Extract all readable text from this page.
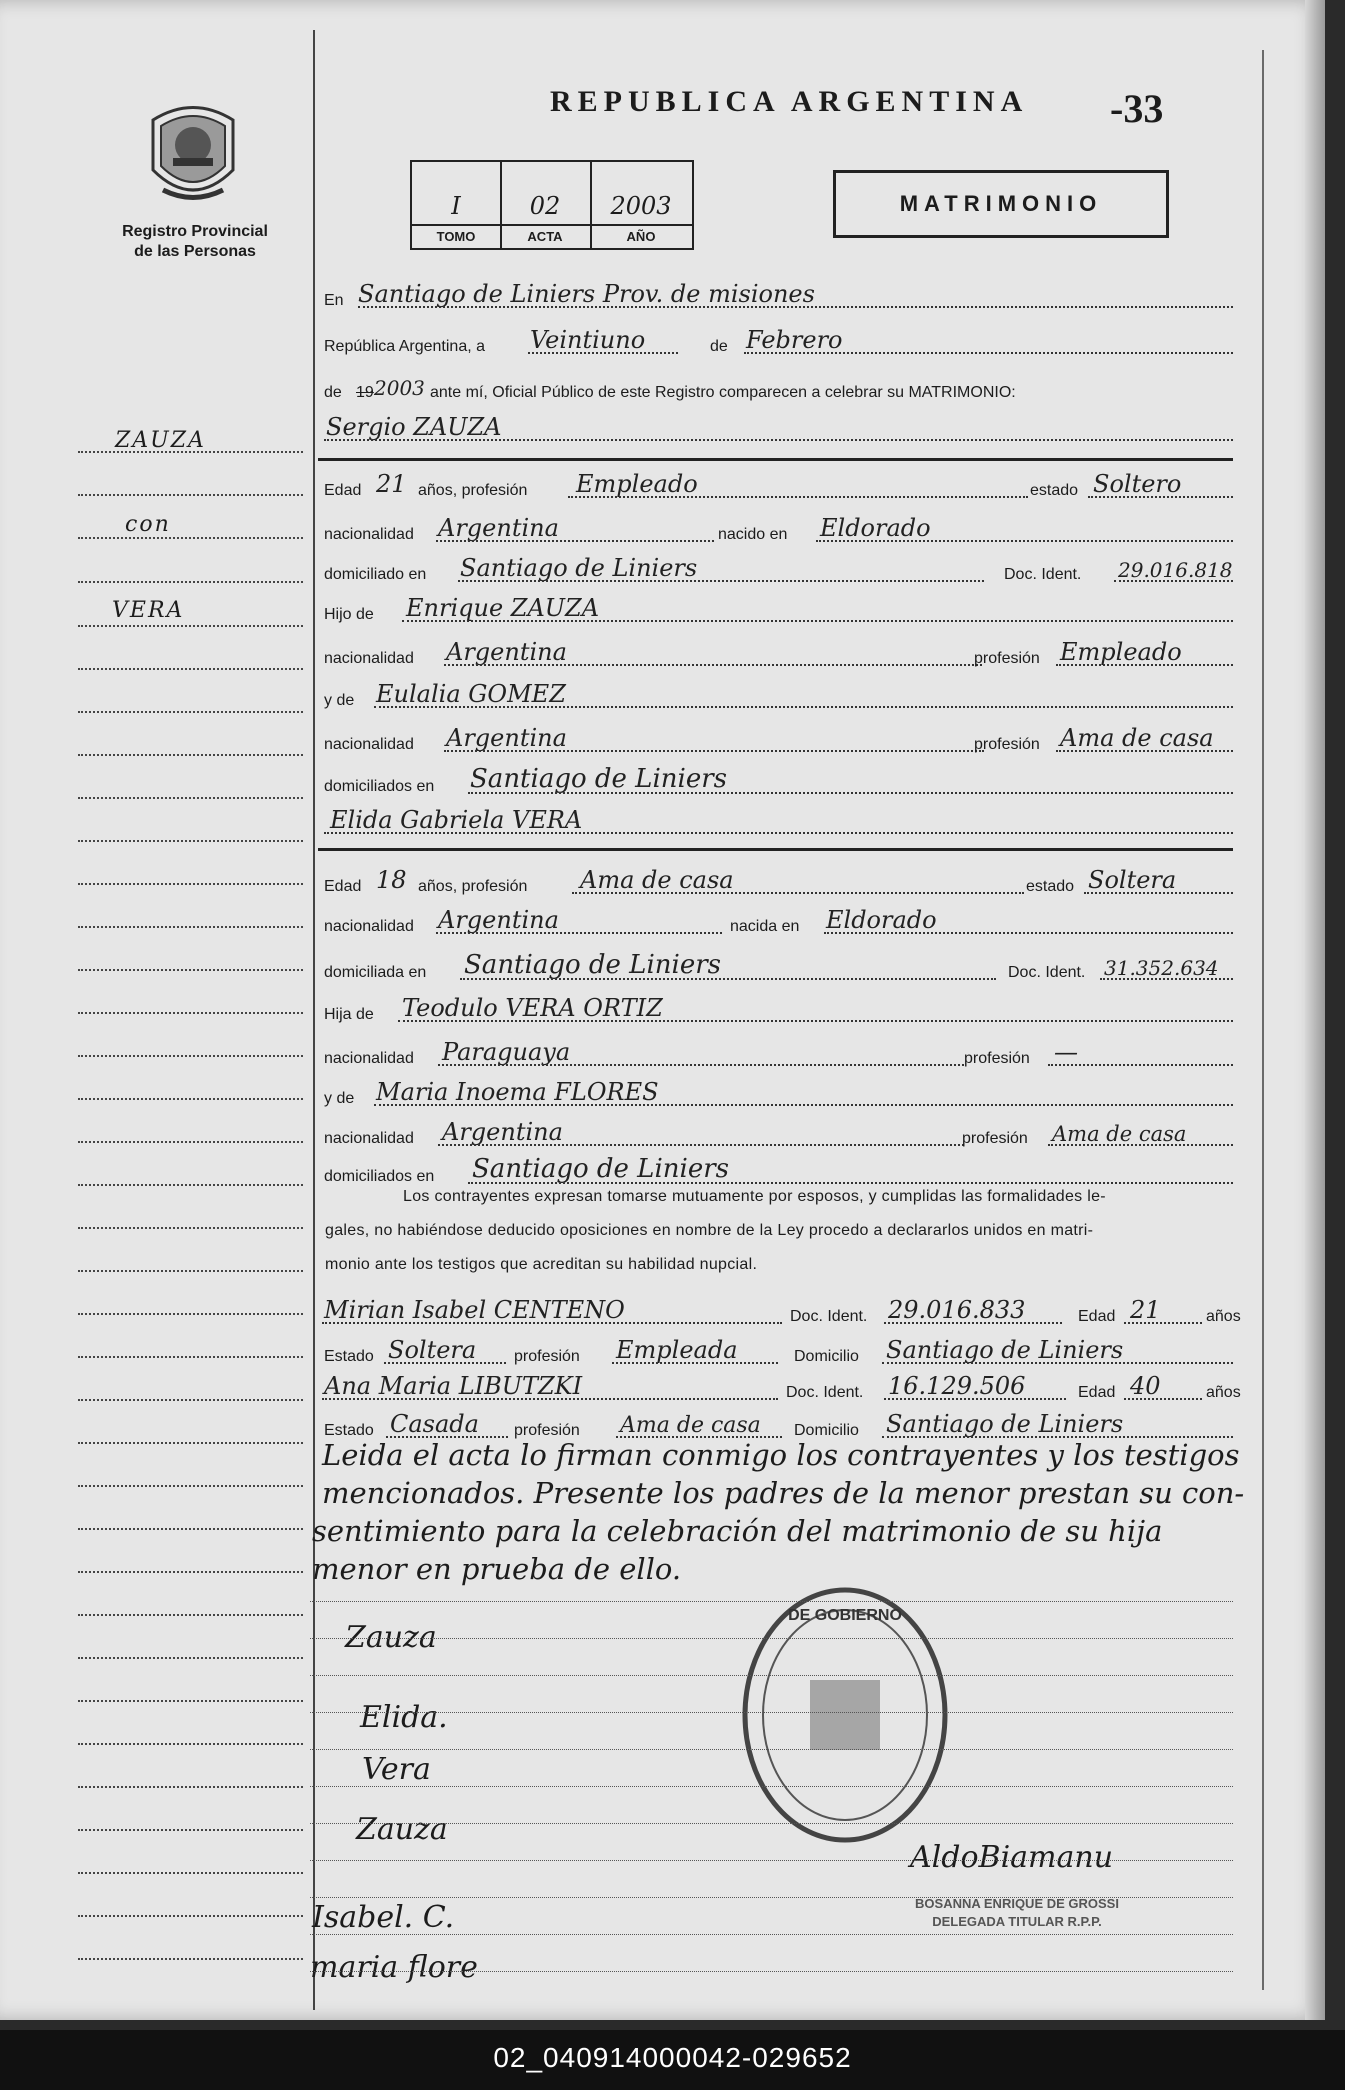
Registro Provincial
de las Personas
REPUBLICA ARGENTINA -33
I
TOMO
02
ACTA
2003
AÑO
MATRIMONIO
ZAUZA
con
VERA
En Santiago de Liniers Prov. de misiones
República Argentina, a Veintiuno	de Febrero
de 19 2003 ante mí, Oficial Público de este Registro comparecen a celebrar su MATRIMONIO:
Sergio ZAUZA
Edad 21 años, profesión Empleado	estado Soltero
nacionalidad Argentina	nacido en Eldorado
domiciliado en Santiago de Liniers	Doc. Ident. 29.016.818
Hijo de Enrique ZAUZA
nacionalidad Argentina	profesión Empleado
y de Eulalia GOMEZ
nacionalidad Argentina	profesión Ama de casa
domiciliados en Santiago de Liniers
Elida Gabriela VERA
Edad 18 años, profesión Ama de casa	estado Soltera
nacionalidad Argentina	nacida en Eldorado
domiciliada en Santiago de Liniers	Doc. Ident. 31.352.634
Hija de Teodulo VERA ORTIZ
nacionalidad Paraguaya	profesión —
y de Maria Inoema FLORES
nacionalidad Argentina	profesión Ama de casa
domiciliados en Santiago de Liniers
Los contrayentes expresan tomarse mutuamente por esposos, y cumplidas las formalidades le-
gales, no habiéndose deducido oposiciones en nombre de la Ley procedo a declararlos unidos en matri-
monio ante los testigos que acreditan su habilidad nupcial.
Mirian Isabel CENTENO	Doc. Ident. 29.016.833	Edad 21	años
Estado Soltera profesión Empleada	Domicilio Santiago de Liniers
Ana Maria LIBUTZKI	Doc. Ident. 16.129.506	Edad 40	años
Estado Casada profesión Ama de casa Domicilio Santiago de Liniers
Leida el acta lo firman conmigo los contrayentes y los testigos
mencionados. Presente los padres de la menor prestan su con-
sentimiento para la celebración del matrimonio de su hija
menor en prueba de ello.
Zauza
Elida.
Vera
Zauza
Isabel. C.
maria flore
DE GOBIERNO
AldoBiamanu
BOSANNA ENRIQUE DE GROSSI
DELEGADA TITULAR R.P.P.
02_040914000042-029652
